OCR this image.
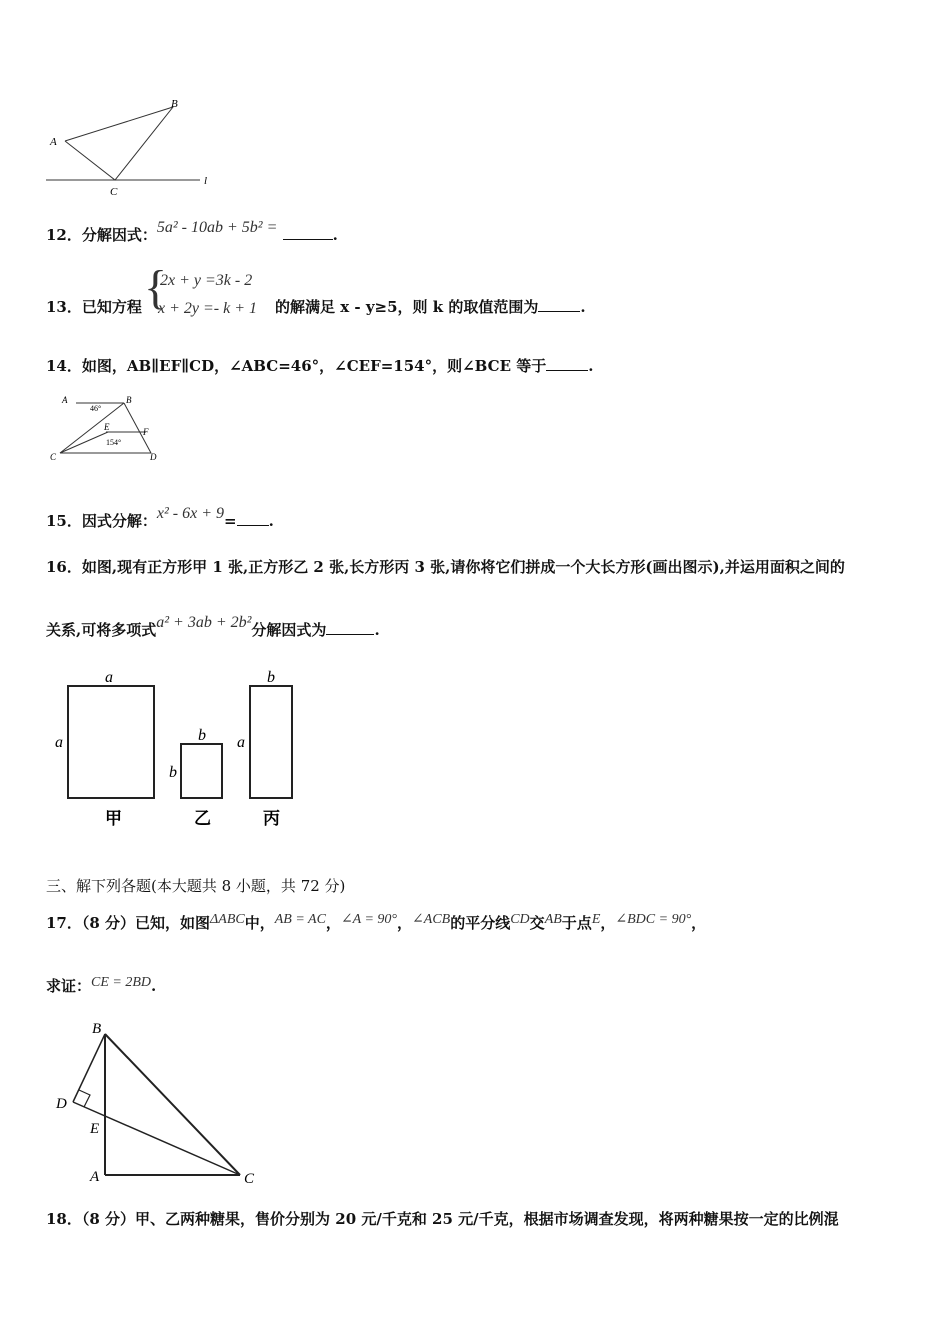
A
B
C
l
12．分解因式：5a² - 10ab + 5b² =	.
13．已知方程 {
2x + y =3k - 2
x + 2y =- k + 1 的解满足 x - y≥5，则 k 的取值范围为	.
14．如图，AB∥EF∥CD，∠ABC=46°，∠CEF=154°，则∠BCE 等于	.
A	B
C	D
E	F
46°
154°
15．因式分解：x² - 6x + 9= .
16．如图,现有正方形甲 1 张,正方形乙 2 张,长方形丙 3 张,请你将它们拼成一个大长方形(画出图示),并运用面积之间的
关系,可将多项式a² + 3ab + 2b²分解因式为	.
a
a
甲
b
b
乙
b
a
丙
三、解下列各题(本大题共 8 小题，共 72 分)
17．（8 分）已知，如图ΔABC中，AB = AC，∠A = 90°，∠ACB的平分线CD交AB于点E，∠BDC = 90°，
求证：CE = 2BD.
B
D
E
A	C
18．（8 分）甲、乙两种糖果，售价分别为 20 元/千克和 25 元/千克，根据市场调查发现，将两种糖果按一定的比例混
